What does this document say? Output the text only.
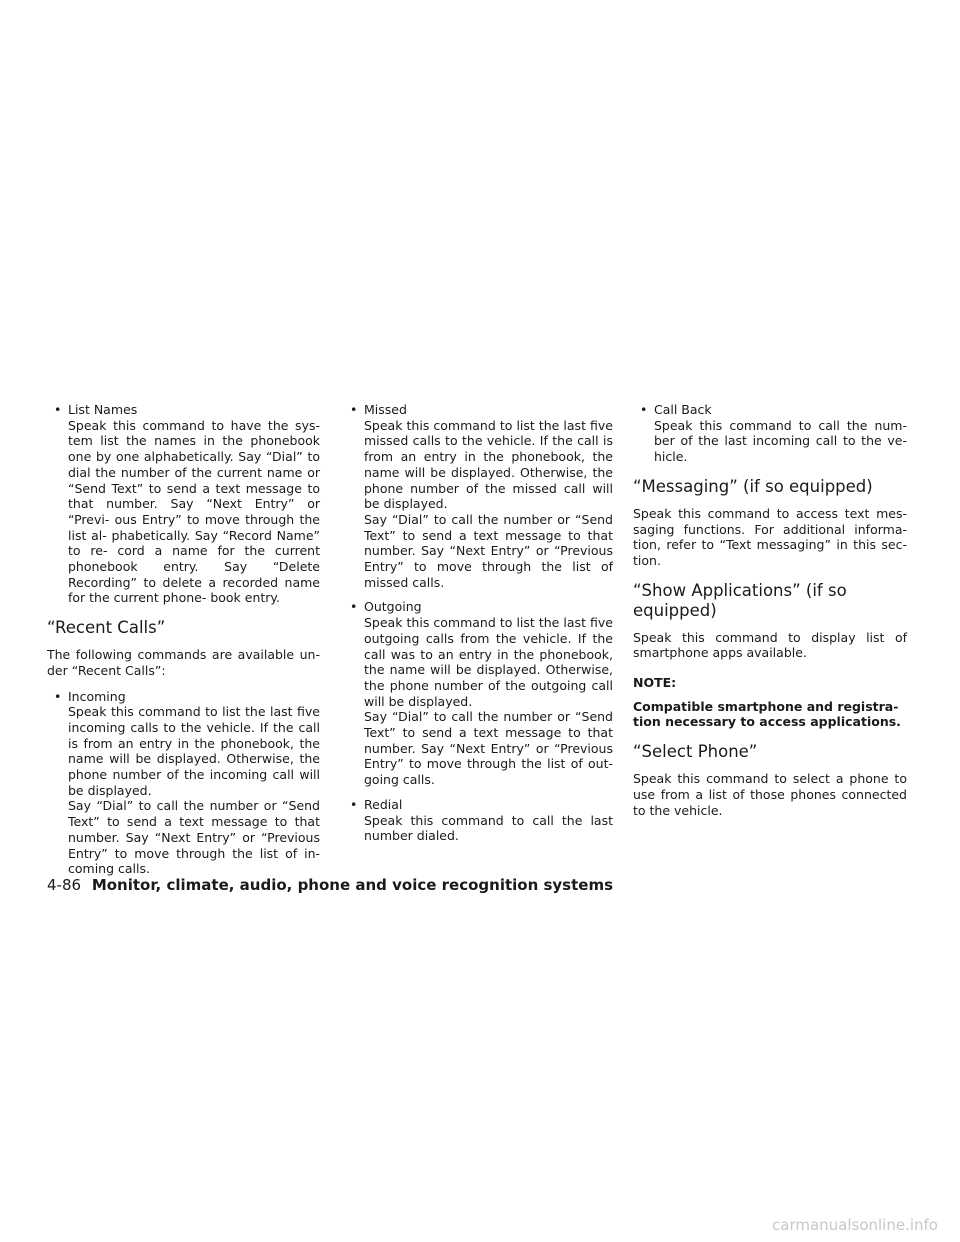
• List Names
Speak this command to have the sys- tem list the names in the phonebook one by one alphabetically. Say “Dial” to dial the number of the current name or “Send Text” to send a text message to that number. Say “Next Entry” or “Previ- ous Entry” to move through the list al- phabetically. Say “Record Name” to re- cord a name for the current phonebook entry. Say “Delete Recording” to delete a recorded name for the current phone- book entry.
“Recent Calls”

The following commands are available un- der “Recent Calls”:

• Incoming
Speak this command to list the last five incoming calls to the vehicle. If the call is from an entry in the phonebook, the name will be displayed. Otherwise, the phone number of the incoming call will be displayed.
Say “Dial” to call the number or “Send Text” to send a text message to that number. Say “Next Entry” or “Previous Entry” to move through the list of in- coming calls.
• Missed
Speak this command to list the last five missed calls to the vehicle. If the call is from an entry in the phonebook, the name will be displayed. Otherwise, the phone number of the missed call will be displayed.
Say “Dial” to call the number or “Send Text” to send a text message to that number. Say “Next Entry” or “Previous Entry” to move through the list of missed calls.
• Outgoing
Speak this command to list the last five outgoing calls from the vehicle. If the call was to an entry in the phonebook, the name will be displayed. Otherwise, the phone number of the outgoing call will be displayed.
Say “Dial” to call the number or “Send Text” to send a text message to that number. Say “Next Entry” or “Previous Entry” to move through the list of out- going calls.
• Redial
Speak this command to call the last number dialed.
• Call Back
Speak this command to call the num- ber of the last incoming call to the ve- hicle.
“Messaging” (if so equipped)

Speak this command to access text mes- saging functions. For additional informa- tion, refer to “Text messaging” in this sec- tion.

“Show Applications” (if so equipped)

Speak this command to display list of smartphone apps available.

NOTE:
Compatible smartphone and registra- tion necessary to access applications.
“Select Phone”

Speak this command to select a phone to use from a list of those phones connected to the vehicle.

4-86 Monitor, climate, audio, phone and voice recognition systems
carmanualsonline.info
